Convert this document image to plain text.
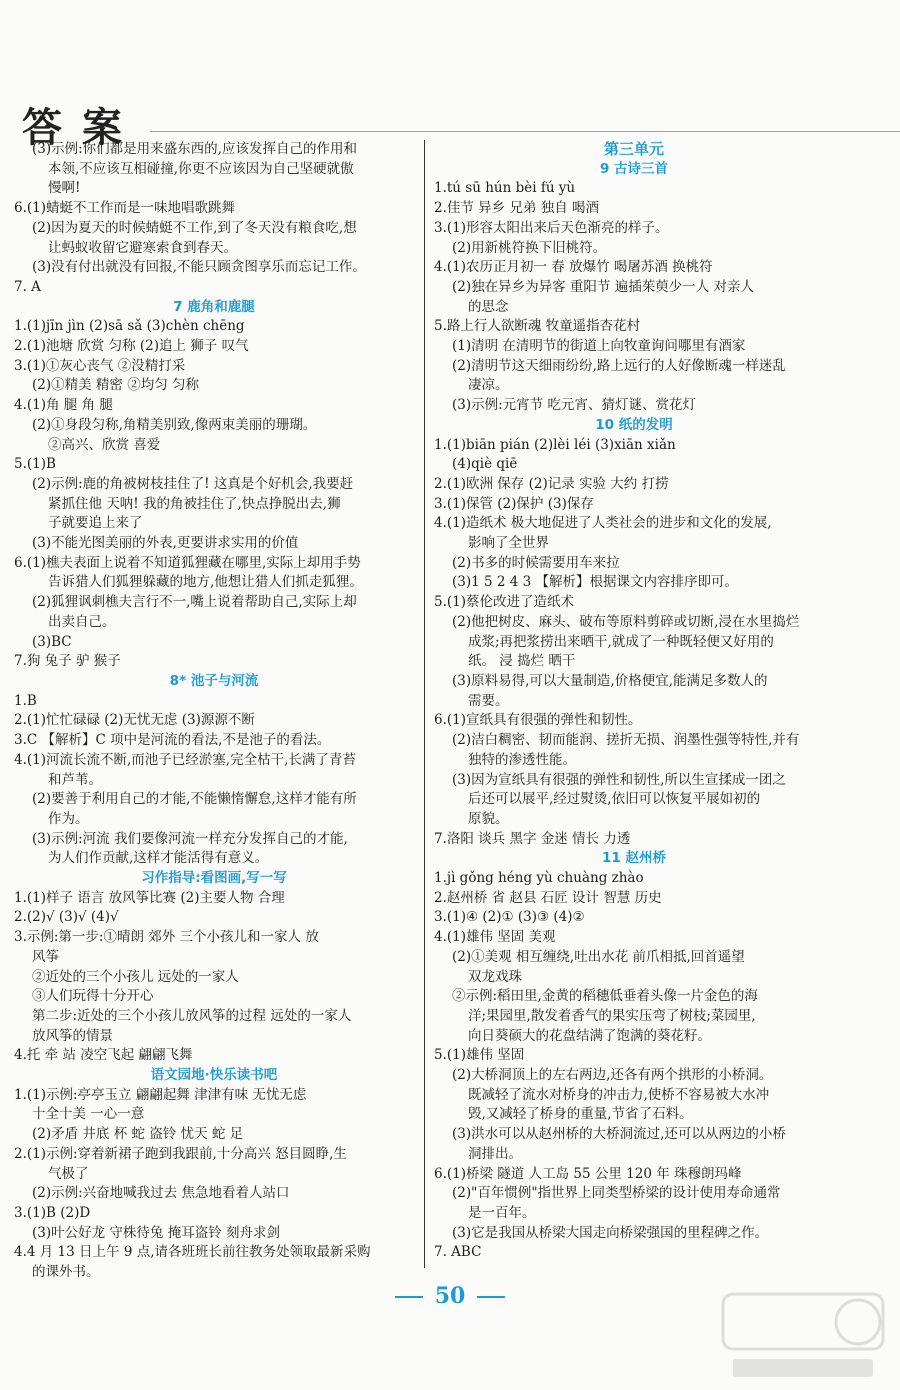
答案
(3)示例:你们都是用来盛东西的,应该发挥自己的作用和
本领,不应该互相碰撞,你更不应该因为自己坚硬就傲
慢啊!
6.(1)蜻蜓不工作而是一味地唱歌跳舞
(2)因为夏天的时候蜻蜓不工作,到了冬天没有粮食吃,想
让蚂蚁收留它避寒索食到春天。
(3)没有付出就没有回报,不能只顾贪图享乐而忘记工作。
7. A
7 鹿角和鹿腿
1.(1)jīn jìn (2)sā sǎ (3)chèn chēng
2.(1)池塘 欣赏 匀称 (2)追上 狮子 叹气
3.(1)①灰心丧气 ②没精打采
(2)①精美 精密 ②均匀 匀称
4.(1)角 腿 角 腿
(2)①身段匀称,角精美别致,像两束美丽的珊瑚。
②高兴、欣赏 喜爱
5.(1)B
(2)示例:鹿的角被树枝挂住了! 这真是个好机会,我要赶
紧抓住他 天呐! 我的角被挂住了,快点挣脱出去,狮
子就要追上来了
(3)不能光图美丽的外表,更要讲求实用的价值
6.(1)樵夫表面上说着不知道狐狸藏在哪里,实际上却用手势
告诉猎人们狐狸躲藏的地方,他想让猎人们抓走狐狸。
(2)狐狸讽刺樵夫言行不一,嘴上说着帮助自己,实际上却
出卖自己。
(3)BC
7.狗 兔子 驴 猴子
8* 池子与河流
1.B
2.(1)忙忙碌碌 (2)无忧无虑 (3)源源不断
3.C 【解析】C 项中是河流的看法,不是池子的看法。
4.(1)河流长流不断,而池子已经淤塞,完全枯干,长满了青苔
和芦苇。
(2)要善于利用自己的才能,不能懒惰懈怠,这样才能有所
作为。
(3)示例:河流 我们要像河流一样充分发挥自己的才能,
为人们作贡献,这样才能活得有意义。
习作指导:看图画,写一写
1.(1)样子 语言 放风筝比赛 (2)主要人物 合理
2.(2)√ (3)√ (4)√
3.示例:第一步:①晴朗 郊外 三个小孩儿和一家人 放
风筝
②近处的三个小孩儿 远处的一家人
③人们玩得十分开心
第二步:近处的三个小孩儿放风筝的过程 远处的一家人
放风筝的情景
4.托 牵 站 凌空飞起 翩翩飞舞
语文园地·快乐读书吧
1.(1)示例:亭亭玉立 翩翩起舞 津津有味 无忧无虑
十全十美 一心一意
(2)矛盾 井底 杯 蛇 盗铃 忧天 蛇 足
2.(1)示例:穿着新裙子跑到我跟前,十分高兴 怒目圆睁,生
气极了
(2)示例:兴奋地喊我过去 焦急地看着人站口
3.(1)B (2)D
(3)叶公好龙 守株待兔 掩耳盗铃 刻舟求剑
4.4 月 13 日上午 9 点,请各班班长前往教务处领取最新采购
的课外书。
第三单元
9 古诗三首
1.tú sū hún bèi fú yù
2.佳节 异乡 兄弟 独自 喝酒
3.(1)形容太阳出来后天色渐亮的样子。
(2)用新桃符换下旧桃符。
4.(1)农历正月初一 春 放爆竹 喝屠苏酒 换桃符
(2)独在异乡为异客 重阳节 遍插茱萸少一人 对亲人
的思念
5.路上行人欲断魂 牧童遥指杏花村
(1)清明 在清明节的街道上向牧童询问哪里有酒家
(2)清明节这天细雨纷纷,路上远行的人好像断魂一样迷乱
凄凉。
(3)示例:元宵节 吃元宵、猜灯谜、赏花灯
10 纸的发明
1.(1)biān pián (2)lèi léi (3)xiān xiǎn
(4)qiè qiē
2.(1)欧洲 保存 (2)记录 实验 大约 打捞
3.(1)保管 (2)保护 (3)保存
4.(1)造纸术 极大地促进了人类社会的进步和文化的发展,
影响了全世界
(2)书多的时候需要用车来拉
(3)1 5 2 4 3 【解析】根据课文内容排序即可。
5.(1)蔡伦改进了造纸术
(2)他把树皮、麻头、破布等原料剪碎或切断,浸在水里捣烂
成浆;再把浆捞出来晒干,就成了一种既轻便又好用的
纸。 浸 捣烂 晒干
(3)原料易得,可以大量制造,价格便宜,能满足多数人的
需要。
6.(1)宣纸具有很强的弹性和韧性。
(2)洁白稠密、韧而能润、搓折无损、润墨性强等特性,并有
独特的渗透性能。
(3)因为宣纸具有很强的弹性和韧性,所以生宣揉成一团之
后还可以展平,经过熨烫,依旧可以恢复平展如初的
原貌。
7.洛阳 谈兵 黑字 金迷 情长 力透
11 赵州桥
1.jì gǒng héng yù chuàng zhào
2.赵州桥 省 赵县 石匠 设计 智慧 历史
3.(1)④ (2)① (3)③ (4)②
4.(1)雄伟 坚固 美观
(2)①美观 相互缠绕,吐出水花 前爪相抵,回首遥望
双龙戏珠
②示例:稻田里,金黄的稻穗低垂着头像一片金色的海
洋;果园里,散发着香气的果实压弯了树枝;菜园里,
向日葵硕大的花盘结满了饱满的葵花籽。
5.(1)雄伟 坚固
(2)大桥洞顶上的左右两边,还各有两个拱形的小桥洞。
既减轻了流水对桥身的冲击力,使桥不容易被大水冲
毁,又减轻了桥身的重量,节省了石料。
(3)洪水可以从赵州桥的大桥洞流过,还可以从两边的小桥
洞排出。
6.(1)桥梁 隧道 人工岛 55 公里 120 年 珠穆朗玛峰
(2)"百年惯例"指世界上同类型桥梁的设计使用寿命通常
是一百年。
(3)它是我国从桥梁大国走向桥梁强国的里程碑之作。
7. ABC
50
